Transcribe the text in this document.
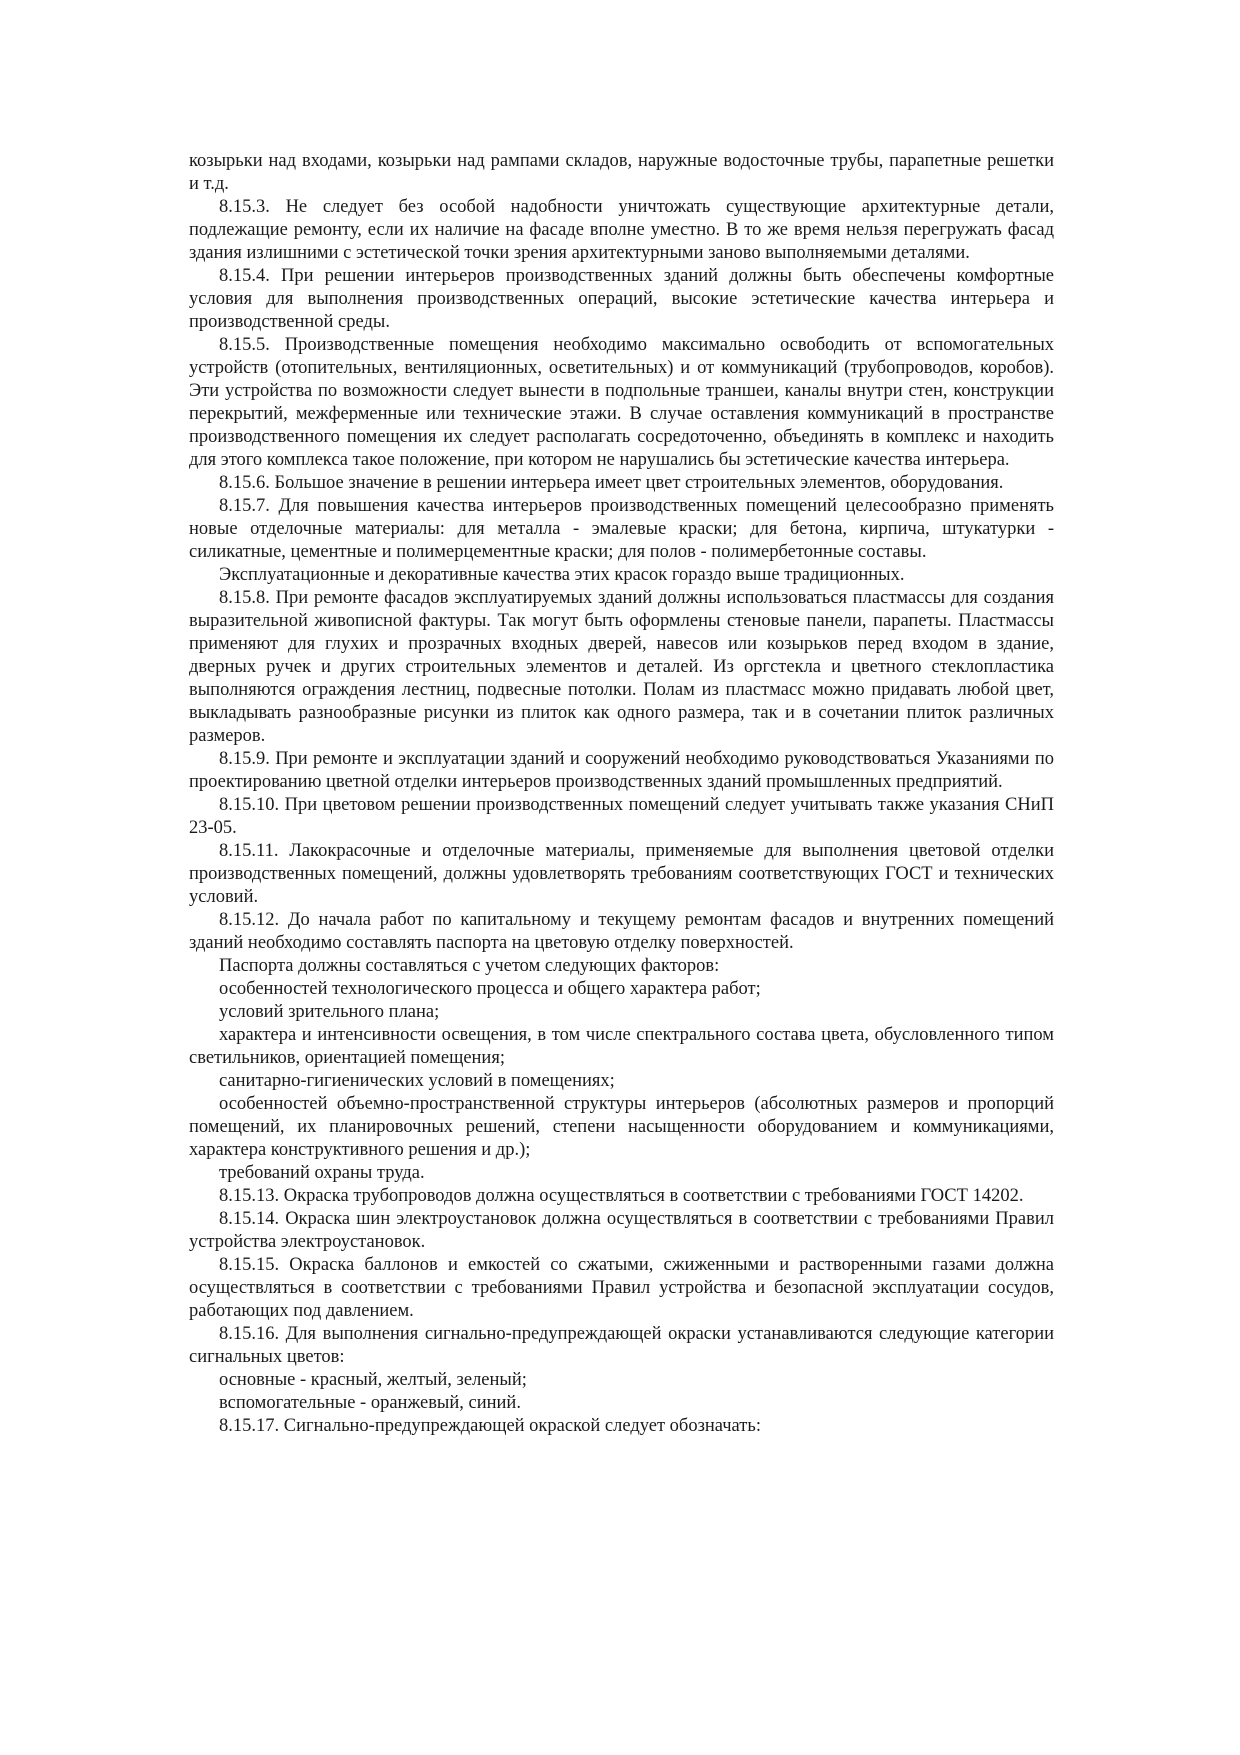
козырьки над входами, козырьки над рампами складов, наружные водосточные трубы, парапетные решетки и т.д.

8.15.3. Не следует без особой надобности уничтожать существующие архитектурные детали, подлежащие ремонту, если их наличие на фасаде вполне уместно. В то же время нельзя перегружать фасад здания излишними с эстетической точки зрения архитектурными заново выполняемыми деталями.

8.15.4. При решении интерьеров производственных зданий должны быть обеспечены комфортные условия для выполнения производственных операций, высокие эстетические качества интерьера и производственной среды.

8.15.5. Производственные помещения необходимо максимально освободить от вспомогательных устройств (отопительных, вентиляционных, осветительных) и от коммуникаций (трубопроводов, коробов). Эти устройства по возможности следует вынести в подпольные траншеи, каналы внутри стен, конструкции перекрытий, межферменные или технические этажи. В случае оставления коммуникаций в пространстве производственного помещения их следует располагать сосредоточенно, объединять в комплекс и находить для этого комплекса такое положение, при котором не нарушались бы эстетические качества интерьера.

8.15.6. Большое значение в решении интерьера имеет цвет строительных элементов, оборудования.

8.15.7. Для повышения качества интерьеров производственных помещений целесообразно применять новые отделочные материалы: для металла - эмалевые краски; для бетона, кирпича, штукатурки - силикатные, цементные и полимерцементные краски; для полов - полимербетонные составы.

Эксплуатационные и декоративные качества этих красок гораздо выше традиционных.

8.15.8. При ремонте фасадов эксплуатируемых зданий должны использоваться пластмассы для создания выразительной живописной фактуры. Так могут быть оформлены стеновые панели, парапеты. Пластмассы применяют для глухих и прозрачных входных дверей, навесов или козырьков перед входом в здание, дверных ручек и других строительных элементов и деталей. Из оргстекла и цветного стеклопластика выполняются ограждения лестниц, подвесные потолки. Полам из пластмасс можно придавать любой цвет, выкладывать разнообразные рисунки из плиток как одного размера, так и в сочетании плиток различных размеров.

8.15.9. При ремонте и эксплуатации зданий и сооружений необходимо руководствоваться Указаниями по проектированию цветной отделки интерьеров производственных зданий промышленных предприятий.

8.15.10. При цветовом решении производственных помещений следует учитывать также указания СНиП 23-05.

8.15.11. Лакокрасочные и отделочные материалы, применяемые для выполнения цветовой отделки производственных помещений, должны удовлетворять требованиям соответствующих ГОСТ и технических условий.

8.15.12. До начала работ по капитальному и текущему ремонтам фасадов и внутренних помещений зданий необходимо составлять паспорта на цветовую отделку поверхностей.

Паспорта должны составляться с учетом следующих факторов:

особенностей технологического процесса и общего характера работ;

условий зрительного плана;

характера и интенсивности освещения, в том числе спектрального состава цвета, обусловленного типом светильников, ориентацией помещения;

санитарно-гигиенических условий в помещениях;

особенностей объемно-пространственной структуры интерьеров (абсолютных размеров и пропорций помещений, их планировочных решений, степени насыщенности оборудованием и коммуникациями, характера конструктивного решения и др.);

требований охраны труда.

8.15.13. Окраска трубопроводов должна осуществляться в соответствии с требованиями ГОСТ 14202.

8.15.14. Окраска шин электроустановок должна осуществляться в соответствии с требованиями Правил устройства электроустановок.

8.15.15. Окраска баллонов и емкостей со сжатыми, сжиженными и растворенными газами должна осуществляться в соответствии с требованиями Правил устройства и безопасной эксплуатации сосудов, работающих под давлением.

8.15.16. Для выполнения сигнально-предупреждающей окраски устанавливаются следующие категории сигнальных цветов:

основные - красный, желтый, зеленый;

вспомогательные - оранжевый, синий.

8.15.17. Сигнально-предупреждающей окраской следует обозначать:
